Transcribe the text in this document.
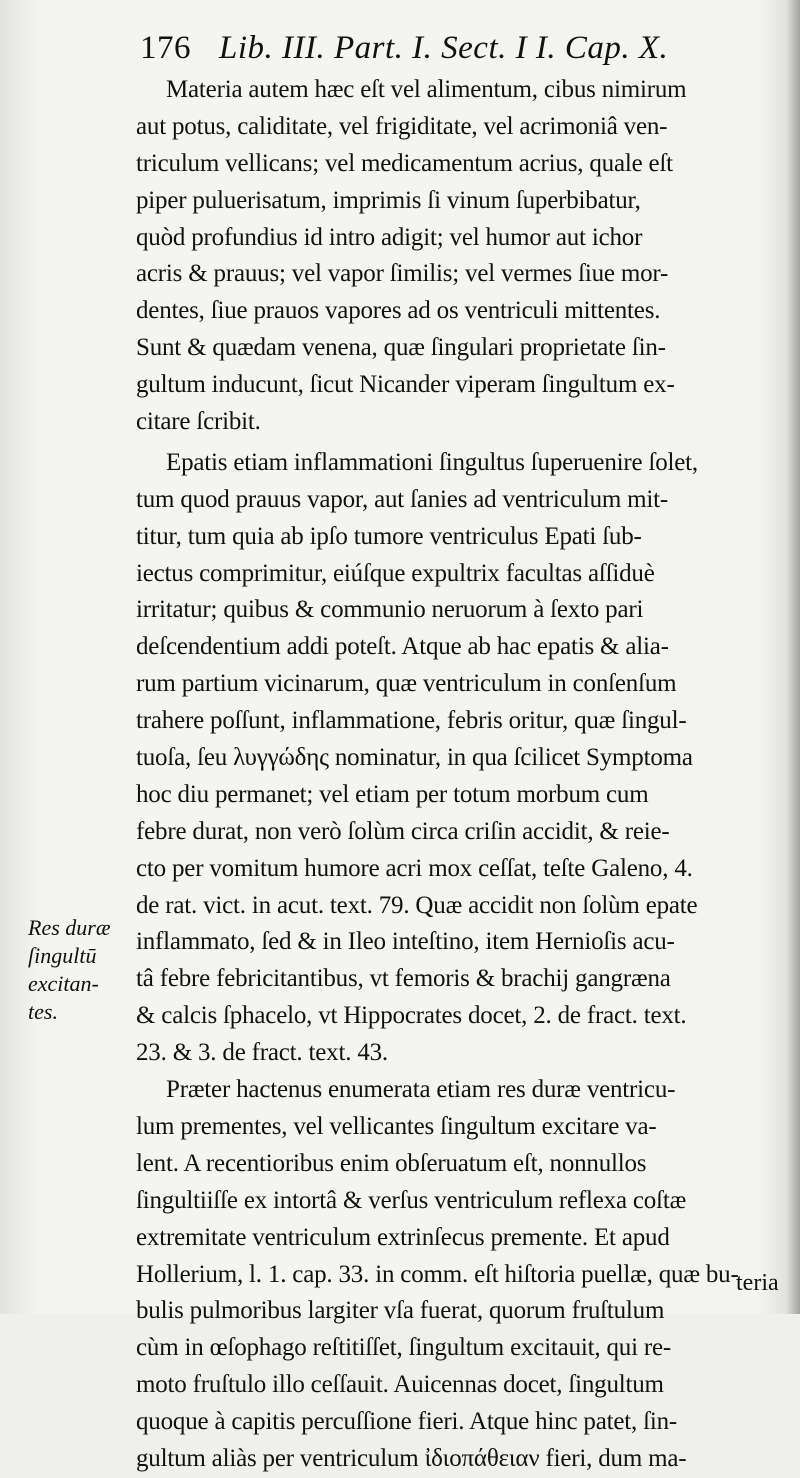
176 Lib. III. Part. I. Sect. I I. Cap. X.
Materia autem hæc eſt vel alimentum, cibus nimirum
aut potus, caliditate, vel frigiditate, vel acrimoniâ ven-
triculum vellicans; vel medicamentum acrius, quale eſt
piper puluerisatum, imprimis ſi vinum ſuperbibatur,
quòd profundius id intro adigit; vel humor aut ichor
acris & prauus; vel vapor ſimilis; vel vermes ſiue mor-
dentes, ſiue prauos vapores ad os ventriculi mittentes.
Sunt & quædam venena, quæ ſingulari proprietate ſin-
gultum inducunt, ſicut Nicander viperam ſingultum ex-
citare ſcribit.
Epatis etiam inflammationi ſingultus ſuperuenire ſolet,
tum quod prauus vapor, aut ſanies ad ventriculum mit-
titur, tum quia ab ipſo tumore ventriculus Epati ſub-
iectus comprimitur, eiúſque expultrix facultas aſſiduè
irritatur; quibus & communio neruorum à ſexto pari
deſcendentium addi poteſt. Atque ab hac epatis & alia-
rum partium vicinarum, quæ ventriculum in conſenſum
trahere poſſunt, inflammatione, febris oritur, quæ ſingul-
tuoſa, ſeu λυγγώδης nominatur, in qua ſcilicet Symptoma
hoc diu permanet; vel etiam per totum morbum cum
febre durat, non verò ſolùm circa criſin accidit, & reie-
cto per vomitum humore acri mox ceſſat, teſte Galeno, 4.
de rat. vict. in acut. text. 79. Quæ accidit non ſolùm epate
inflammato, ſed & in Ileo inteſtino, item Hernioſis acu-
tâ febre febricitantibus, vt femoris & brachij gangræna
& calcis ſphacelo, vt Hippocrates docet, 2. de fract. text.
23. & 3. de fract. text. 43.
Præter hactenus enumerata etiam res duræ ventricu-
lum prementes, vel vellicantes ſingultum excitare va-
lent. A recentioribus enim obſeruatum eſt, nonnullos
ſingultiiſſe ex intortâ & verſus ventriculum reflexa coſtæ
extremitate ventriculum extrinſecus premente. Et apud
Hollerium, l. 1. cap. 33. in comm. eſt hiſtoria puellæ, quæ bu-
bulis pulmoribus largiter vſa fuerat, quorum fruſtulum
cùm in œſophago reſtitiſſet, ſingultum excitauit, qui re-
moto fruſtulo illo ceſſauit. Auicennas docet, ſingultum
quoque à capitis percuſſione fieri. Atque hinc patet, ſin-
gultum aliàs per ventriculum ἰδιοπάθειαν fieri, dum ma-
Res duræ
ſingultū
excitan-
tes.
teria
